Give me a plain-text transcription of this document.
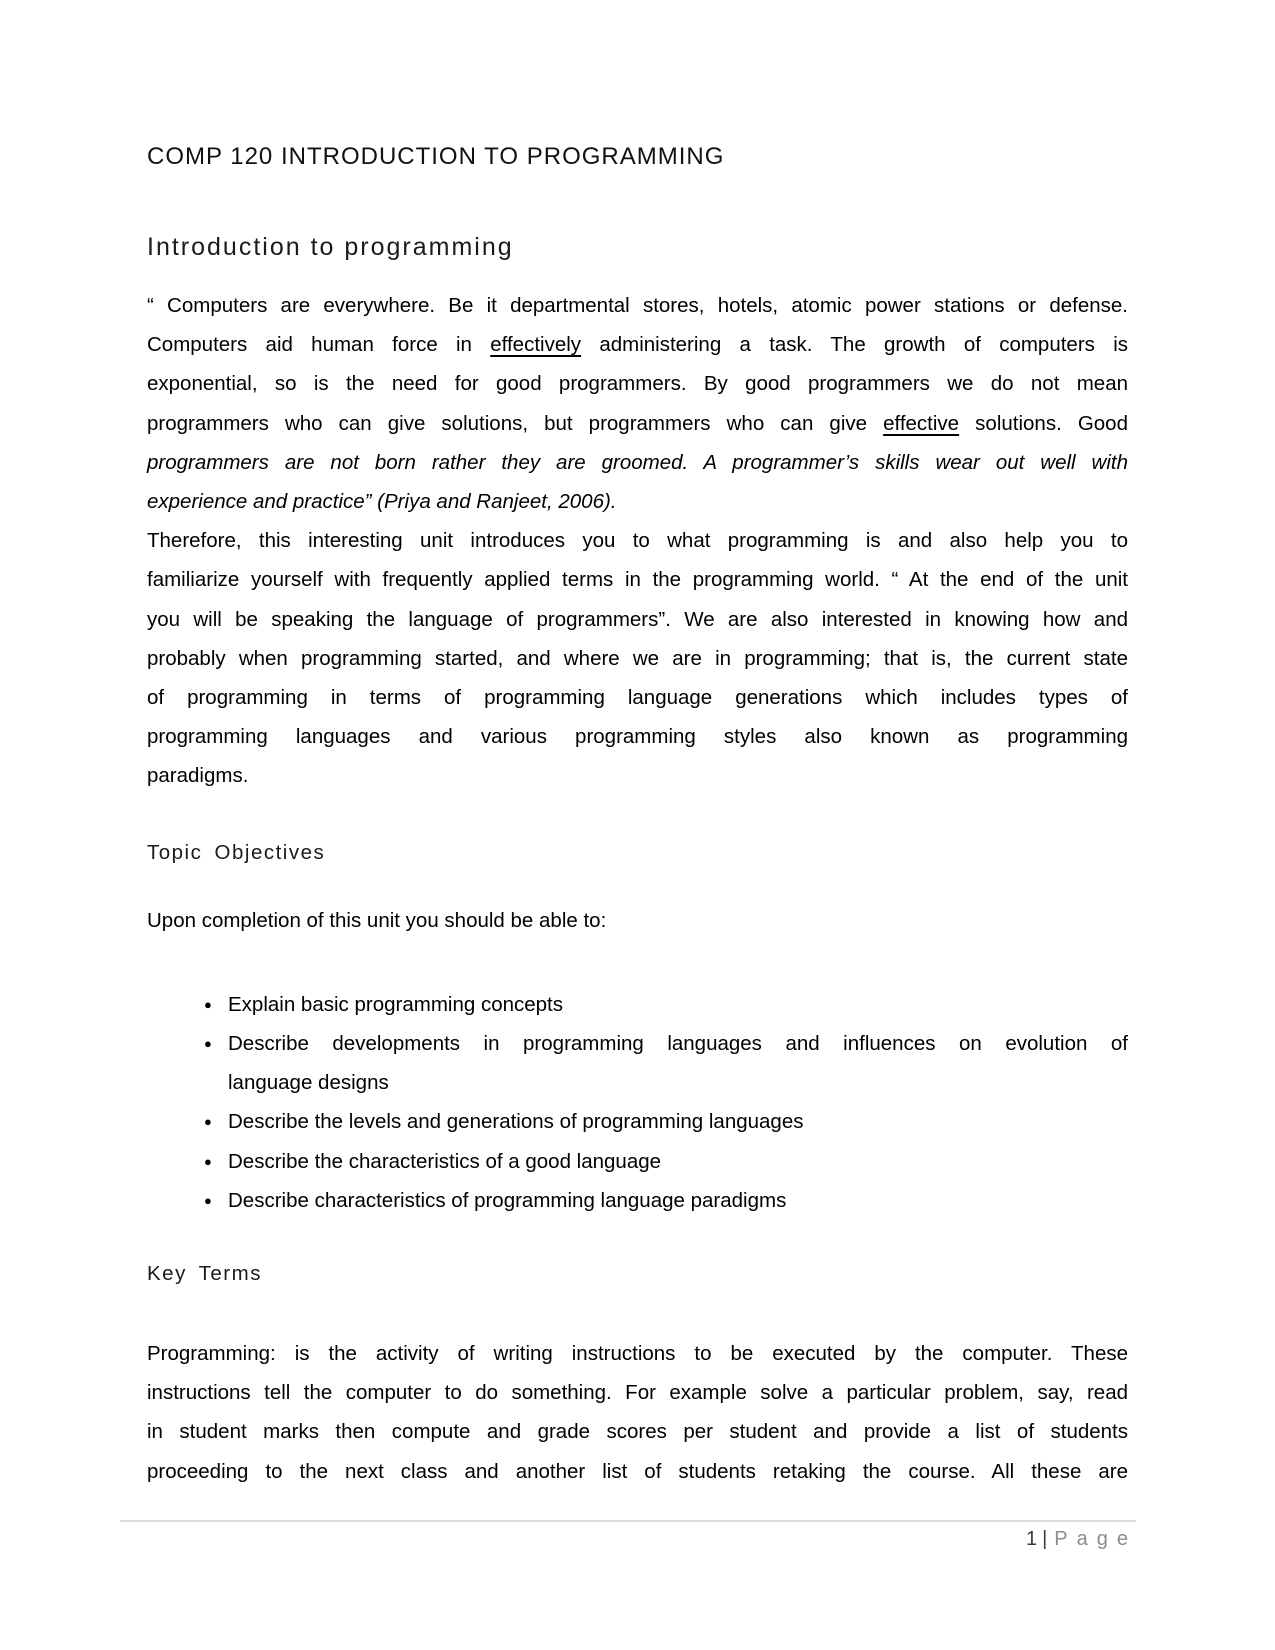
COMP 120 INTRODUCTION TO PROGRAMMING
Introduction to programming
“ Computers are everywhere. Be it departmental stores, hotels, atomic power stations or defense.
Computers aid human force in effectively administering a task. The growth of computers is
exponential, so is the need for good programmers. By good programmers we do not mean
programmers who can give solutions, but programmers who can give effective solutions. Good
programmers are not born rather they are groomed. A programmer’s skills wear out well with
experience and practice” (Priya and Ranjeet, 2006).
Therefore, this interesting unit introduces you to what programming is and also help you to
familiarize yourself with frequently applied terms in the programming world. “ At the end of the unit
you will be speaking the language of programmers”. We are also interested in knowing how and
probably when programming started, and where we are in programming; that is, the current state
of programming in terms of programming language generations which includes types of
programming languages and various programming styles also known as programming
paradigms.
Topic Objectives
Upon completion of this unit you should be able to:
● Explain basic programming concepts
● Describe developments in programming languages and influences on evolution of
language designs
● Describe the levels and generations of programming languages
● Describe the characteristics of a good language
● Describe characteristics of programming language paradigms
Key Terms
Programming: is the activity of writing instructions to be executed by the computer. These
instructions tell the computer to do something. For example solve a particular problem, say, read
in student marks then compute and grade scores per student and provide a list of students
proceeding to the next class and another list of students retaking the course. All these are
1 | Page
